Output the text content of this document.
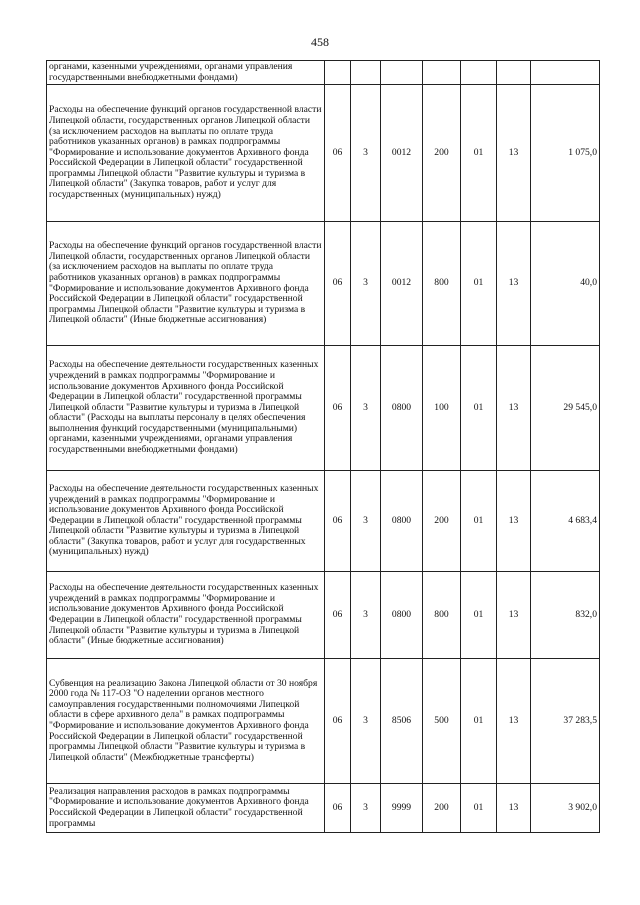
458
органами, казенными учреждениями, органами управления государственными внебюджетными фондами)							
Расходы на обеспечение функций органов государственной власти Липецкой области, государственных органов Липецкой области (за исключением расходов на выплаты по оплате труда работников указанных органов) в рамках подпрограммы "Формирование и использование документов Архивного фонда Российской Федерации в Липецкой области" государственной программы Липецкой области "Развитие культуры и туризма в Липецкой области" (Закупка товаров, работ и услуг для государственных (муниципальных) нужд)	06	3	0012	200	01	13	1 075,0
Расходы на обеспечение функций органов государственной власти Липецкой области, государственных органов Липецкой области (за исключением расходов на выплаты по оплате труда работников указанных органов) в рамках подпрограммы "Формирование и использование документов Архивного фонда Российской Федерации в Липецкой области" государственной программы Липецкой области "Развитие культуры и туризма в Липецкой области" (Иные бюджетные ассигнования)	06	3	0012	800	01	13	40,0
Расходы на обеспечение деятельности государственных казенных учреждений в рамках подпрограммы "Формирование и использование документов Архивного фонда Российской Федерации в Липецкой области" государственной программы Липецкой области "Развитие культуры и туризма в Липецкой области" (Расходы на выплаты персоналу в целях обеспечения выполнения функций государственными (муниципальными) органами, казенными учреждениями, органами управления государственными внебюджетными фондами)	06	3	0800	100	01	13	29 545,0
Расходы на обеспечение деятельности государственных казенных учреждений в рамках подпрограммы "Формирование и использование документов Архивного фонда Российской Федерации в Липецкой области" государственной программы Липецкой области "Развитие культуры и туризма в Липецкой области" (Закупка товаров, работ и услуг для государственных (муниципальных) нужд)	06	3	0800	200	01	13	4 683,4
Расходы на обеспечение деятельности государственных казенных учреждений в рамках подпрограммы "Формирование и использование документов Архивного фонда Российской Федерации в Липецкой области" государственной программы Липецкой области "Развитие культуры и туризма в Липецкой области" (Иные бюджетные ассигнования)	06	3	0800	800	01	13	832,0
Субвенция на реализацию Закона Липецкой области от 30 ноября 2000 года № 117-ОЗ "О наделении органов местного самоуправления государственными полномочиями Липецкой области в сфере архивного дела" в рамках подпрограммы "Формирование и использование документов Архивного фонда Российской Федерации в Липецкой области" государственной программы Липецкой области "Развитие культуры и туризма в Липецкой области" (Межбюджетные трансферты)	06	3	8506	500	01	13	37 283,5
Реализация направления расходов в рамках подпрограммы "Формирование и использование документов Архивного фонда Российской Федерации в Липецкой области" государственной программы	06	3	9999	200	01	13	3 902,0
